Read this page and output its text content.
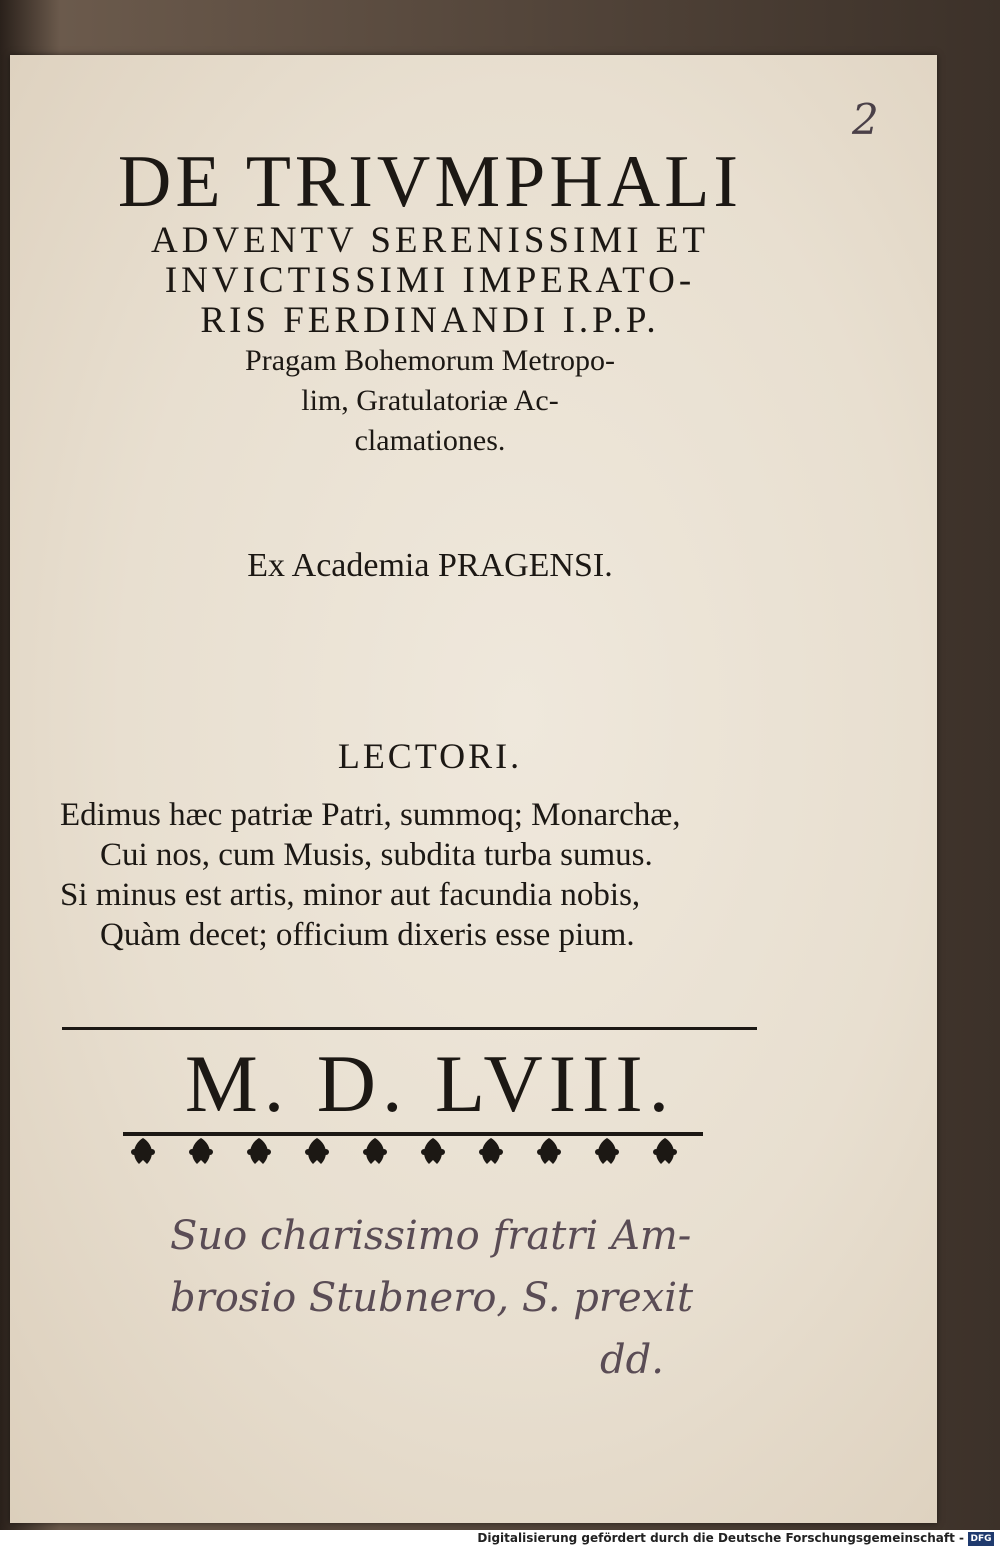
2

DE TRIVMPHALI

ADVENTV SERENISSIMI ET

INVICTISSIMI IMPERATO-

RIS FERDINANDI I.P.P.

Pragam Bohemorum Metropo-

lim, Gratulatoriæ Ac-

clamationes.

Ex Academia PRAGENSI.
LECTORI.
Edimus hæc patriæ Patri, summoq; Monarchæ,
Cui nos, cum Musis, subdita turba sumus.
Si minus est artis, minor aut facundia nobis,
Quàm decet; officium dixeris esse pium.
M. D. LVIII.
Suo charissimo fratri Am-
brosio Stubnero, S. prexit
dd.
Digitalisierung gefördert durch die Deutsche Forschungsgemeinschaft - DFG
